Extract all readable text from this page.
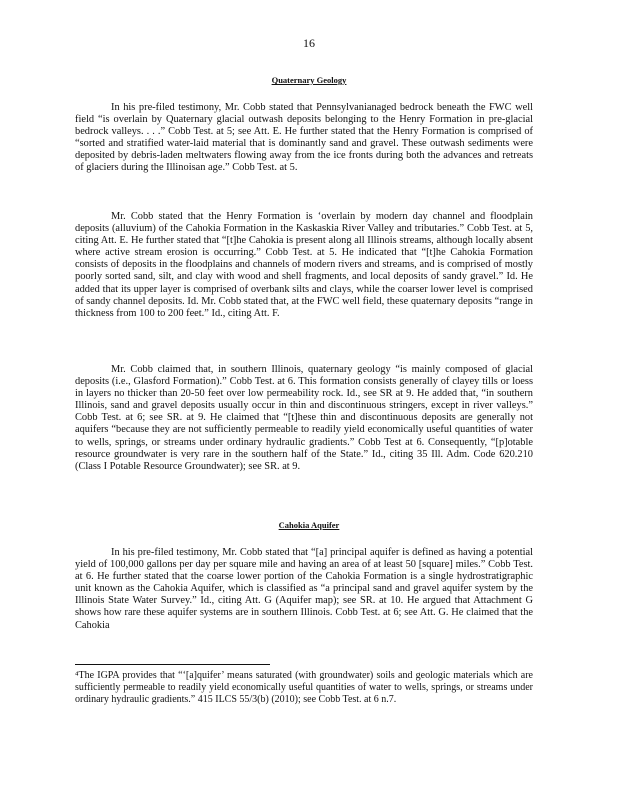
16
Quaternary Geology

In his pre-filed testimony, Mr. Cobb stated that Pennsylvanianaged bedrock beneath the FWC well field “is overlain by Quaternary glacial outwash deposits belonging to the Henry Formation in pre-glacial bedrock valleys. . . .” Cobb Test. at 5; see Att. E. He further stated that the Henry Formation is comprised of “sorted and stratified water-laid material that is dominantly sand and gravel. These outwash sediments were deposited by debris-laden meltwaters flowing away from the ice fronts during both the advances and retreats of glaciers during the Illinoisan age.” Cobb Test. at 5.

Mr. Cobb stated that the Henry Formation is ‘overlain by modern day channel and floodplain deposits (alluvium) of the Cahokia Formation in the Kaskaskia River Valley and tributaries.” Cobb Test. at 5, citing Att. E. He further stated that “[t]he Cahokia is present along all Illinois streams, although locally absent where active stream erosion is occurring.” Cobb Test. at 5. He indicated that “[t]he Cahokia Formation consists of deposits in the floodplains and channels of modern rivers and streams, and is comprised of mostly poorly sorted sand, silt, and clay with wood and shell fragments, and local deposits of sandy gravel.” Id. He added that its upper layer is comprised of overbank silts and clays, while the coarser lower level is comprised of sandy channel deposits. Id. Mr. Cobb stated that, at the FWC well field, these quaternary deposits “range in thickness from 100 to 200 feet.” Id., citing Att. F.

Mr. Cobb claimed that, in southern Illinois, quaternary geology “is mainly composed of glacial deposits (i.e., Glasford Formation).” Cobb Test. at 6. This formation consists generally of clayey tills or loess in layers no thicker than 20-50 feet over low permeability rock. Id., see SR at 9. He added that, “in southern Illinois, sand and gravel deposits usually occur in thin and discontinuous stringers, except in river valleys.” Cobb Test. at 6; see SR. at 9. He claimed that “[t]hese thin and discontinuous deposits are generally not aquifers “because they are not sufficiently permeable to readily yield economically useful quantities of water to wells, springs, or streams under ordinary hydraulic gradients.” Cobb Test at 6. Consequently, “[p]otable resource groundwater is very rare in the southern half of the State.” Id., citing 35 Ill. Adm. Code 620.210 (Class I Potable Resource Groundwater); see SR. at 9.

Cahokia Aquifer

In his pre-filed testimony, Mr. Cobb stated that “[a] principal aquifer is defined as having a potential yield of 100,000 gallons per day per square mile and having an area of at least 50 [square] miles.” Cobb Test. at 6. He further stated that the coarse lower portion of the Cahokia Formation is a single hydrostratigraphic unit known as the Cahokia Aquifer, which is classified as “a principal sand and gravel aquifer system by the Illinois State Water Survey.” Id., citing Att. G (Aquifer map); see SR. at 10. He argued that Attachment G shows how rare these aquifer systems are in southern Illinois. Cobb Test. at 6; see Att. G. He claimed that the Cahokia

⁴The IGPA provides that “‘[a]quifer’ means saturated (with groundwater) soils and geologic materials which are sufficiently permeable to readily yield economically useful quantities of water to wells, springs, or streams under ordinary hydraulic gradients.” 415 ILCS 55/3(b) (2010); see Cobb Test. at 6 n.7.
